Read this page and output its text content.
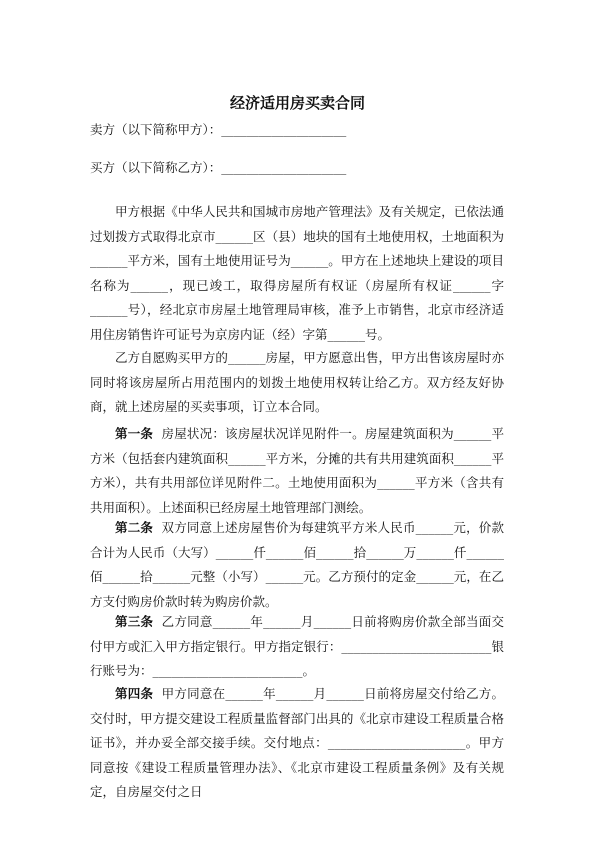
经济适用房买卖合同
卖方（以下简称甲方）：____________________
买方（以下简称乙方）：____________________
甲方根据《中华人民共和国城市房地产管理法》及有关规定，已依法通过划拨方式取得北京市______区（县）地块的国有土地使用权，土地面积为______平方米，国有土地使用证号为______。甲方在上述地块上建设的项目名称为______，现已竣工，取得房屋所有权证（房屋所有权证______字______号），经北京市房屋土地管理局审核，准予上市销售，北京市经济适用住房销售许可证号为京房内证（经）字第______号。
乙方自愿购买甲方的______房屋，甲方愿意出售，甲方出售该房屋时亦同时将该房屋所占用范围内的划拨土地使用权转让给乙方。双方经友好协商，就上述房屋的买卖事项，订立本合同。
第一条 房屋状况：该房屋状况详见附件一。房屋建筑面积为______平方米（包括套内建筑面积______平方米，分摊的共有共用建筑面积______平方米），共有共用部位详见附件二。土地使用面积为______平方米（含共有共用面积）。上述面积已经房屋土地管理部门测绘。
第二条 双方同意上述房屋售价为每建筑平方米人民币______元，价款合计为人民币（大写）______仟______佰______拾______万______仟______佰______拾______元整（小写）______元。乙方预付的定金______元，在乙方支付购房价款时转为购房价款。
第三条 乙方同意______年______月______日前将购房价款全部当面交付甲方或汇入甲方指定银行。甲方指定银行：________________________银行账号为：________________________。
第四条 甲方同意在______年______月______日前将房屋交付给乙方。交付时，甲方提交建设工程质量监督部门出具的《北京市建设工程质量合格证书》，并办妥全部交接手续。交付地点：______________________。甲方同意按《建设工程质量管理办法》、《北京市建设工程质量条例》及有关规定，自房屋交付之日
